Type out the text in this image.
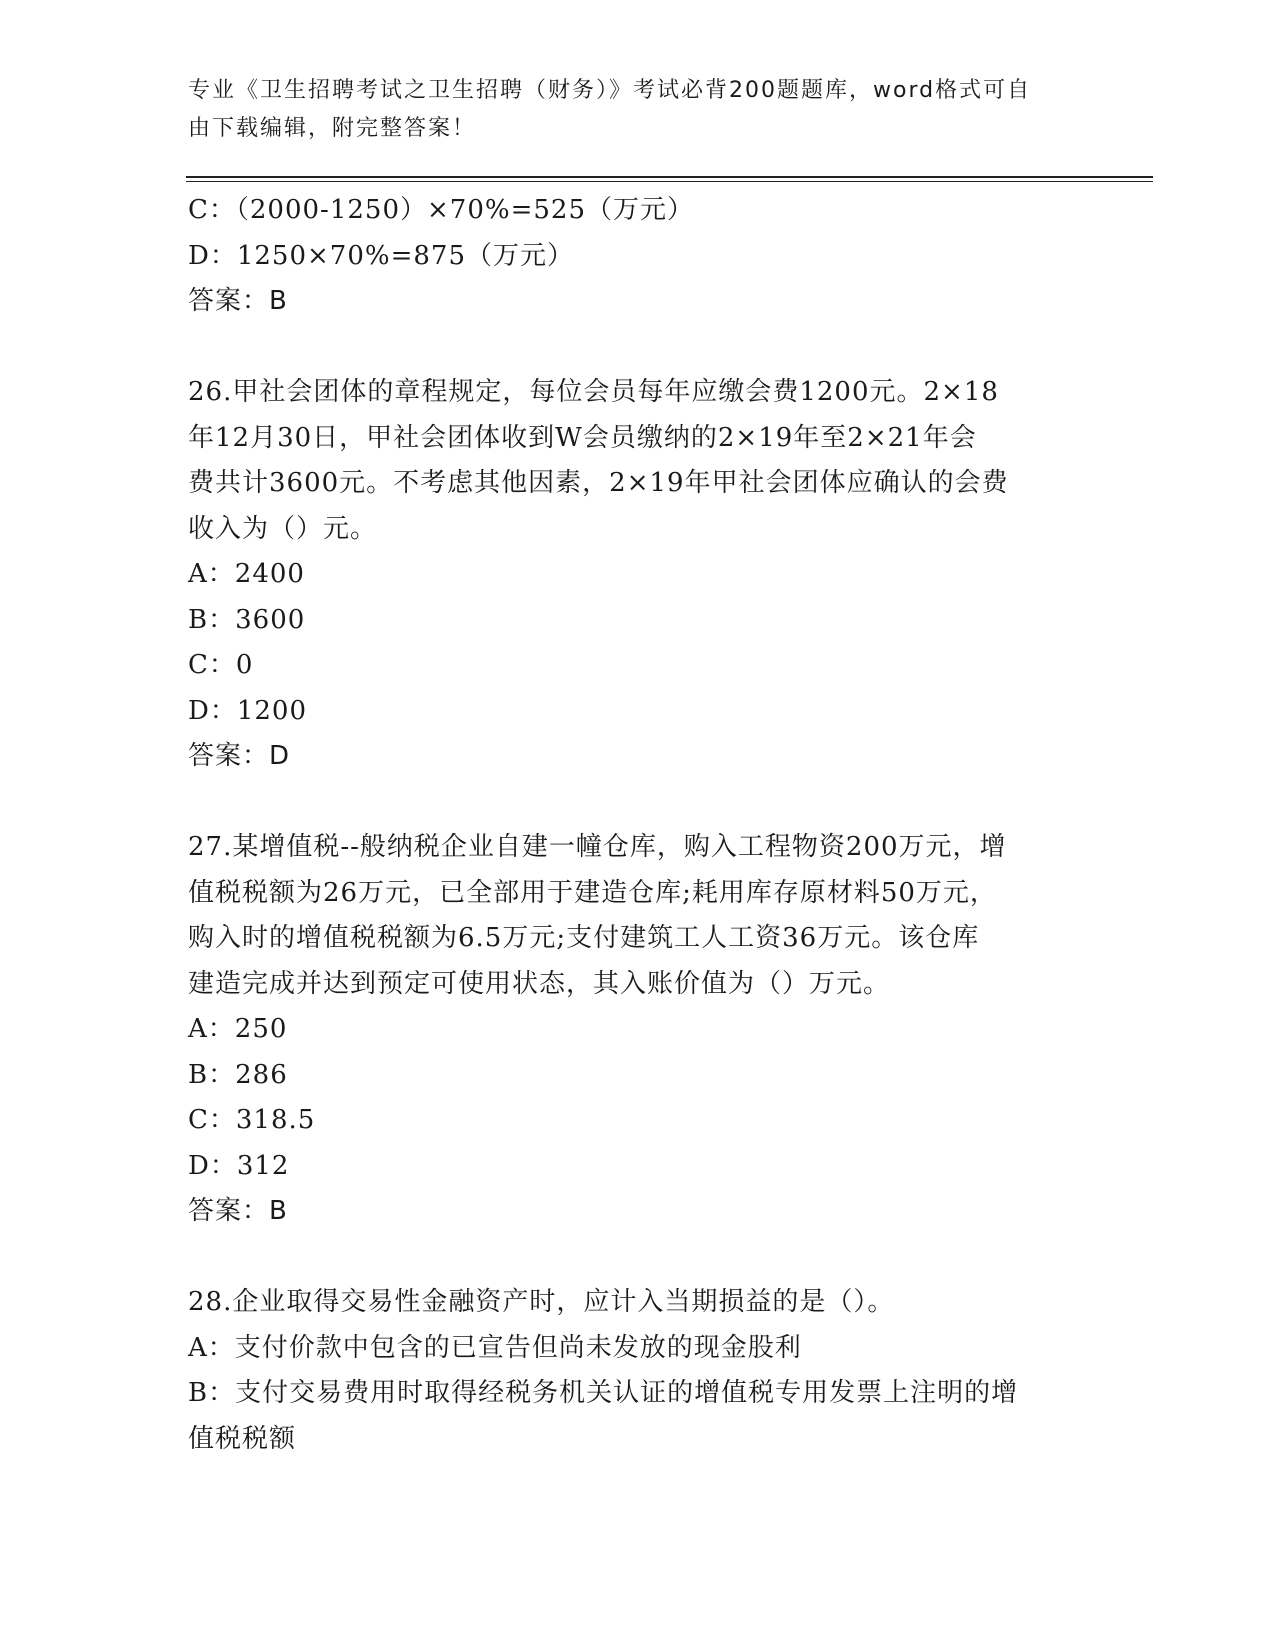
专业《卫生招聘考试之卫生招聘（财务）》考试必背200题题库，word格式可自
由下载编辑，附完整答案！
C：（2000-1250）×70%=525（万元）
D：1250×70%=875（万元）
答案：B
26.甲社会团体的章程规定，每位会员每年应缴会费1200元。2×18
年12月30日，甲社会团体收到W会员缴纳的2×19年至2×21年会
费共计3600元。不考虑其他因素，2×19年甲社会团体应确认的会费
收入为（）元。
A：2400
B：3600
C：0
D：1200
答案：D
27.某增值税--般纳税企业自建一幢仓库，购入工程物资200万元，增
值税税额为26万元，已全部用于建造仓库;耗用库存原材料50万元，
购入时的增值税税额为6.5万元;支付建筑工人工资36万元。该仓库
建造完成并达到预定可使用状态，其入账价值为（）万元。
A：250
B：286
C：318.5
D：312
答案：B
28.企业取得交易性金融资产时，应计入当期损益的是（）。
A：支付价款中包含的已宣告但尚未发放的现金股利
B：支付交易费用时取得经税务机关认证的增值税专用发票上注明的增
值税税额
